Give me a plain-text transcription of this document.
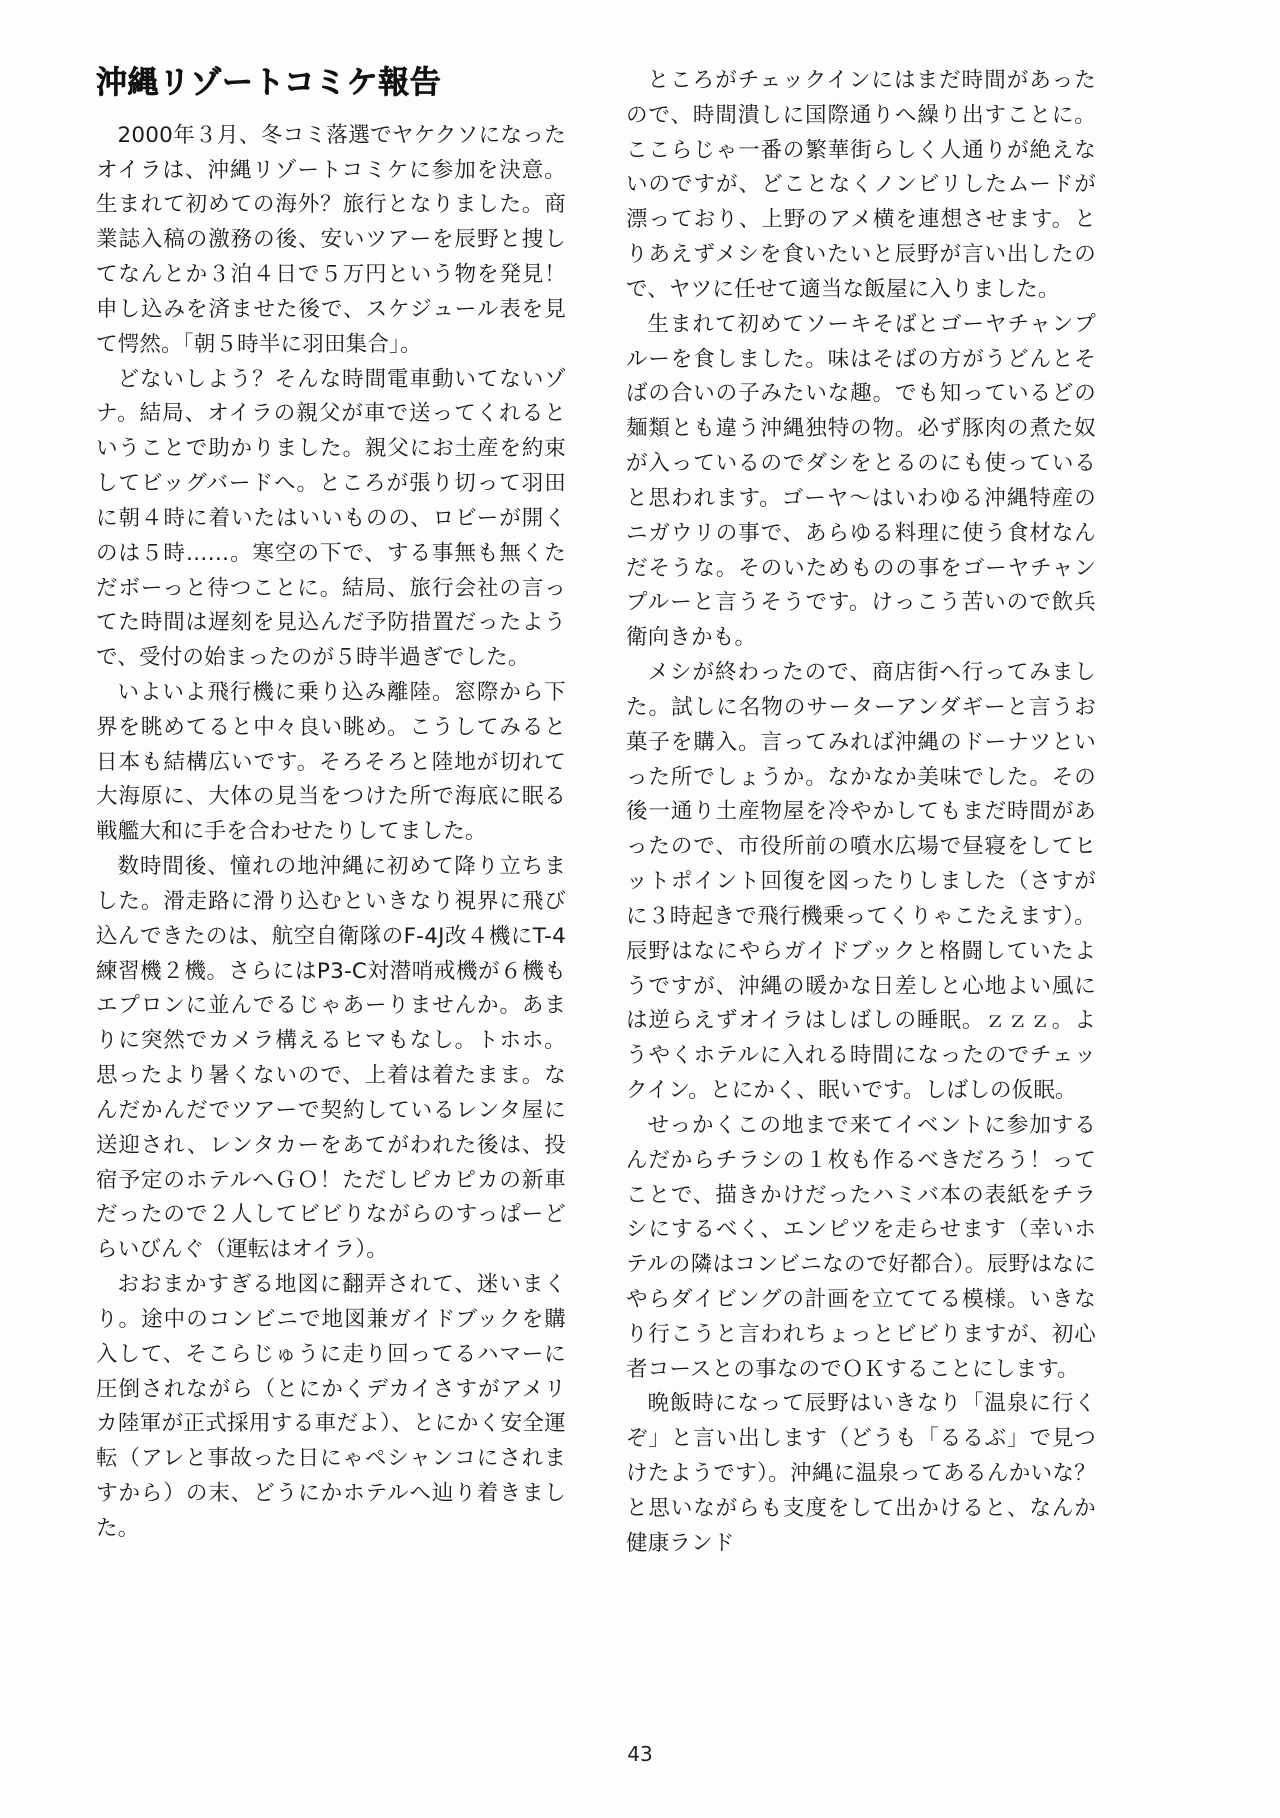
沖縄リゾートコミケ報告

2000年３月、冬コミ落選でヤケクソになったオイラは、沖縄リゾートコミケに参加を決意。生まれて初めての海外？旅行となりました。商業誌入稿の激務の後、安いツアーを辰野と捜してなんとか３泊４日で５万円という物を発見！申し込みを済ませた後で、スケジュール表を見て愕然。「朝５時半に羽田集合」。

どないしよう？そんな時間電車動いてないゾナ。結局、オイラの親父が車で送ってくれるということで助かりました。親父にお土産を約束してビッグバードへ。ところが張り切って羽田に朝４時に着いたはいいものの、ロビーが開くのは５時……。寒空の下で、する事無も無くただボーっと待つことに。結局、旅行会社の言ってた時間は遅刻を見込んだ予防措置だったようで、受付の始まったのが５時半過ぎでした。

いよいよ飛行機に乗り込み離陸。窓際から下界を眺めてると中々良い眺め。こうしてみると日本も結構広いです。そろそろと陸地が切れて大海原に、大体の見当をつけた所で海底に眠る戦艦大和に手を合わせたりしてました。

数時間後、憧れの地沖縄に初めて降り立ちました。滑走路に滑り込むといきなり視界に飛び込んできたのは、航空自衛隊のF-4J改４機にT-4練習機２機。さらにはP3-C対潜哨戒機が６機もエプロンに並んでるじゃあーりませんか。あまりに突然でカメラ構えるヒマもなし。トホホ。思ったより暑くないので、上着は着たまま。なんだかんだでツアーで契約しているレンタ屋に送迎され、レンタカーをあてがわれた後は、投宿予定のホテルへＧＯ！ただしピカピカの新車だったので２人してビビりながらのすっぱーどらいびんぐ（運転はオイラ）。

おおまかすぎる地図に翻弄されて、迷いまくり。途中のコンビニで地図兼ガイドブックを購入して、そこらじゅうに走り回ってるハマーに圧倒されながら（とにかくデカイさすがアメリカ陸軍が正式採用する車だよ）、とにかく安全運転（アレと事故った日にゃペシャンコにされますから）の末、どうにかホテルへ辿り着きました。

ところがチェックインにはまだ時間があったので、時間潰しに国際通りへ繰り出すことに。ここらじゃ一番の繁華街らしく人通りが絶えないのですが、どことなくノンビリしたムードが漂っており、上野のアメ横を連想させます。とりあえずメシを食いたいと辰野が言い出したので、ヤツに任せて適当な飯屋に入りました。

生まれて初めてソーキそばとゴーヤチャンプルーを食しました。味はそばの方がうどんとそばの合いの子みたいな趣。でも知っているどの麺類とも違う沖縄独特の物。必ず豚肉の煮た奴が入っているのでダシをとるのにも使っていると思われます。ゴーヤ～はいわゆる沖縄特産のニガウリの事で、あらゆる料理に使う食材なんだそうな。そのいためものの事をゴーヤチャンプルーと言うそうです。けっこう苦いので飲兵衛向きかも。

メシが終わったので、商店街へ行ってみました。試しに名物のサーターアンダギーと言うお菓子を購入。言ってみれば沖縄のドーナツといった所でしょうか。なかなか美味でした。その後一通り土産物屋を冷やかしてもまだ時間があったので、市役所前の噴水広場で昼寝をしてヒットポイント回復を図ったりしました（さすがに３時起きで飛行機乗ってくりゃこたえます）。辰野はなにやらガイドブックと格闘していたようですが、沖縄の暖かな日差しと心地よい風には逆らえずオイラはしばしの睡眠。ｚｚｚ。ようやくホテルに入れる時間になったのでチェックイン。とにかく、眠いです。しばしの仮眠。

せっかくこの地まで来てイベントに参加するんだからチラシの１枚も作るべきだろう！ってことで、描きかけだったハミバ本の表紙をチラシにするべく、エンピツを走らせます（幸いホテルの隣はコンビニなので好都合）。辰野はなにやらダイビングの計画を立ててる模様。いきなり行こうと言われちょっとビビりますが、初心者コースとの事なのでＯＫすることにします。

晩飯時になって辰野はいきなり「温泉に行くぞ」と言い出します（どうも「るるぶ」で見つけたようです）。沖縄に温泉ってあるんかいな？と思いながらも支度をして出かけると、なんか健康ランド

43
